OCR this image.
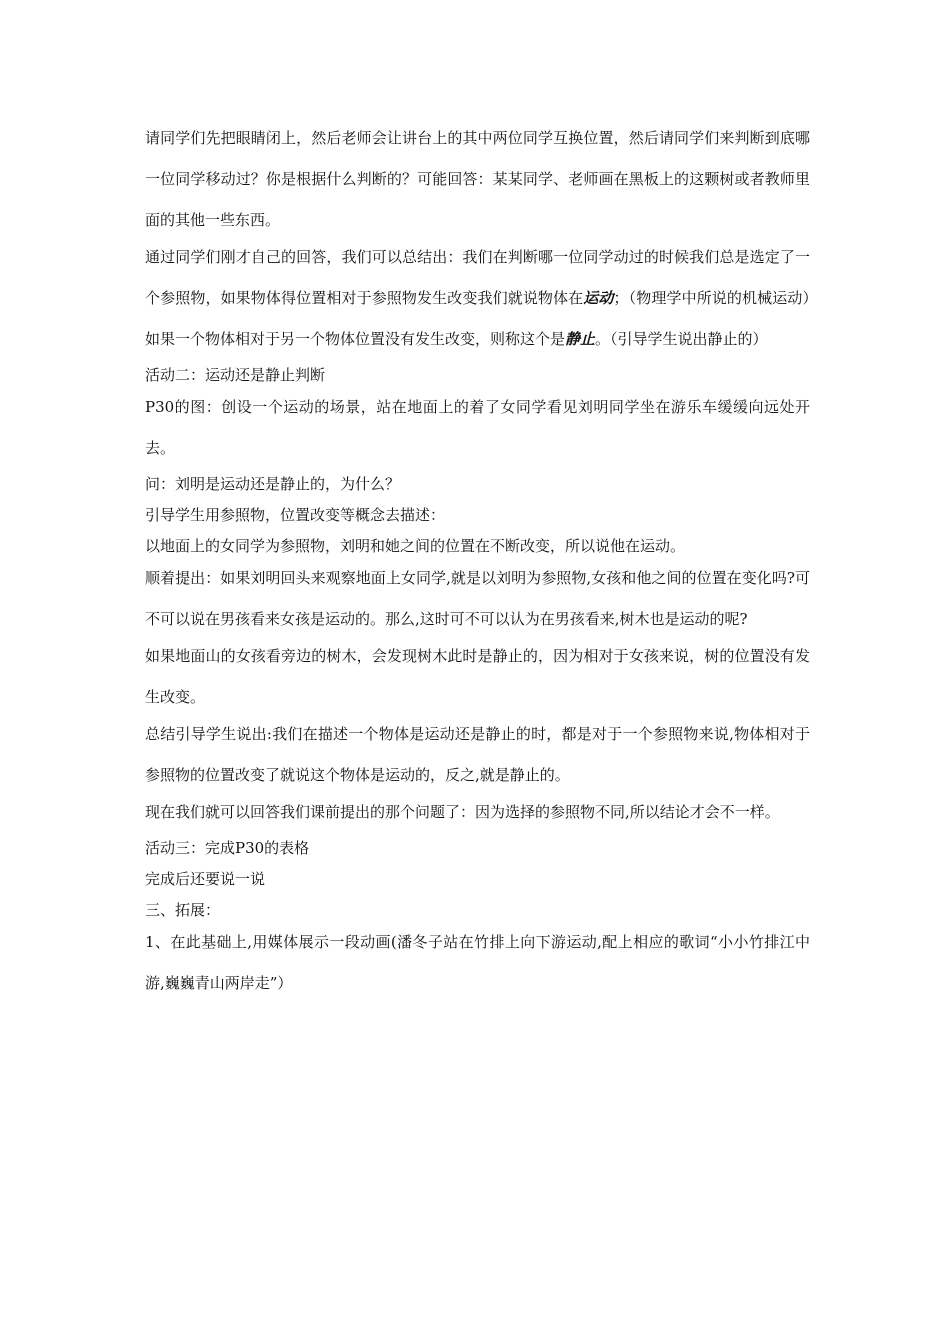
请同学们先把眼睛闭上，然后老师会让讲台上的其中两位同学互换位置，然后请同学们来判断到底哪一位同学移动过？你是根据什么判断的？可能回答：某某同学、老师画在黑板上的这颗树或者教师里面的其他一些东西。

通过同学们刚才自己的回答，我们可以总结出：我们在判断哪一位同学动过的时候我们总是选定了一个参照物，如果物体得位置相对于参照物发生改变我们就说物体在运动；（物理学中所说的机械运动）如果一个物体相对于另一个物体位置没有发生改变，则称这个是静止。（引导学生说出静止的）

活动二：运动还是静止判断

P30的图：创设一个运动的场景，站在地面上的着了女同学看见刘明同学坐在游乐车缓缓向远处开去。

问：刘明是运动还是静止的，为什么？

引导学生用参照物，位置改变等概念去描述：

以地面上的女同学为参照物，刘明和她之间的位置在不断改变，所以说他在运动。

顺着提出：如果刘明回头来观察地面上女同学,就是以刘明为参照物,女孩和他之间的位置在变化吗?可不可以说在男孩看来女孩是运动的。那么,这时可不可以认为在男孩看来,树木也是运动的呢?

如果地面山的女孩看旁边的树木，会发现树木此时是静止的，因为相对于女孩来说，树的位置没有发生改变。

总结引导学生说出:我们在描述一个物体是运动还是静止的时，都是对于一个参照物来说,物体相对于参照物的位置改变了就说这个物体是运动的，反之,就是静止的。

现在我们就可以回答我们课前提出的那个问题了：因为选择的参照物不同,所以结论才会不一样。

活动三：完成P30的表格

完成后还要说一说

三、拓展：

1、在此基础上,用媒体展示一段动画(潘冬子站在竹排上向下游运动,配上相应的歌词“小小竹排江中游,巍巍青山两岸走”）
